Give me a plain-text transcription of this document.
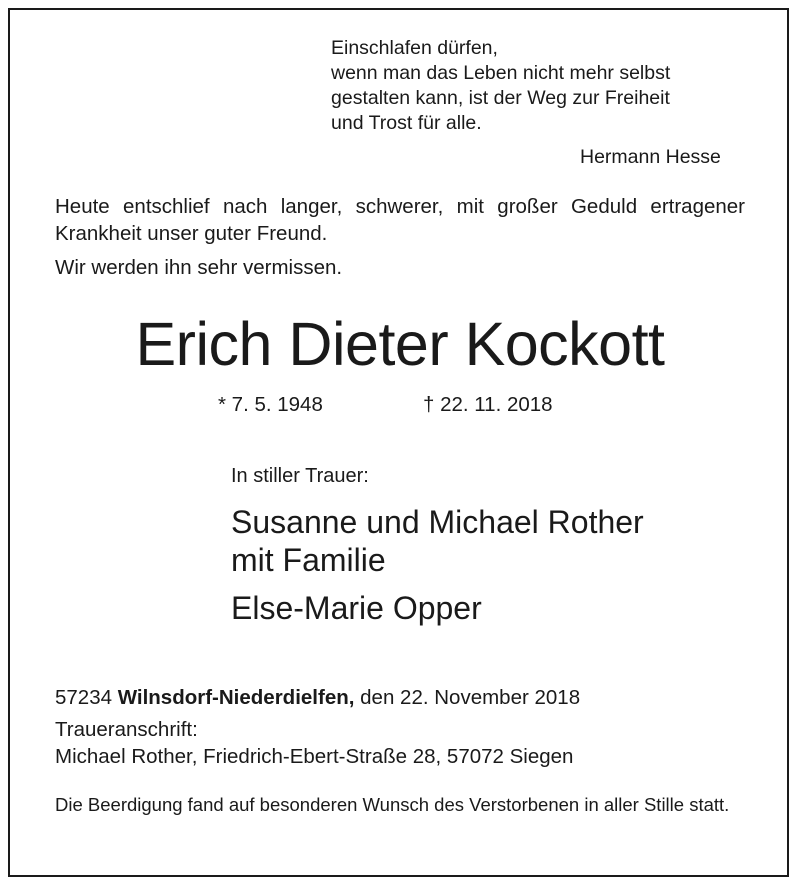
Einschlafen dürfen,
wenn man das Leben nicht mehr selbst
gestalten kann, ist der Weg zur Freiheit
und Trost für alle.
Hermann Hesse
Heute entschlief nach langer, schwerer, mit großer Geduld ertragener Krankheit unser guter Freund.
Wir werden ihn sehr vermissen.
Erich Dieter Kockott
* 7. 5. 1948	† 22. 11. 2018
In stiller Trauer:
Susanne und Michael Rother
mit Familie
Else-Marie Opper
57234 Wilnsdorf-Niederdielfen, den 22. November 2018
Traueranschrift:
Michael Rother, Friedrich-Ebert-Straße 28, 57072 Siegen
Die Beerdigung fand auf besonderen Wunsch des Verstorbenen in aller Stille statt.
